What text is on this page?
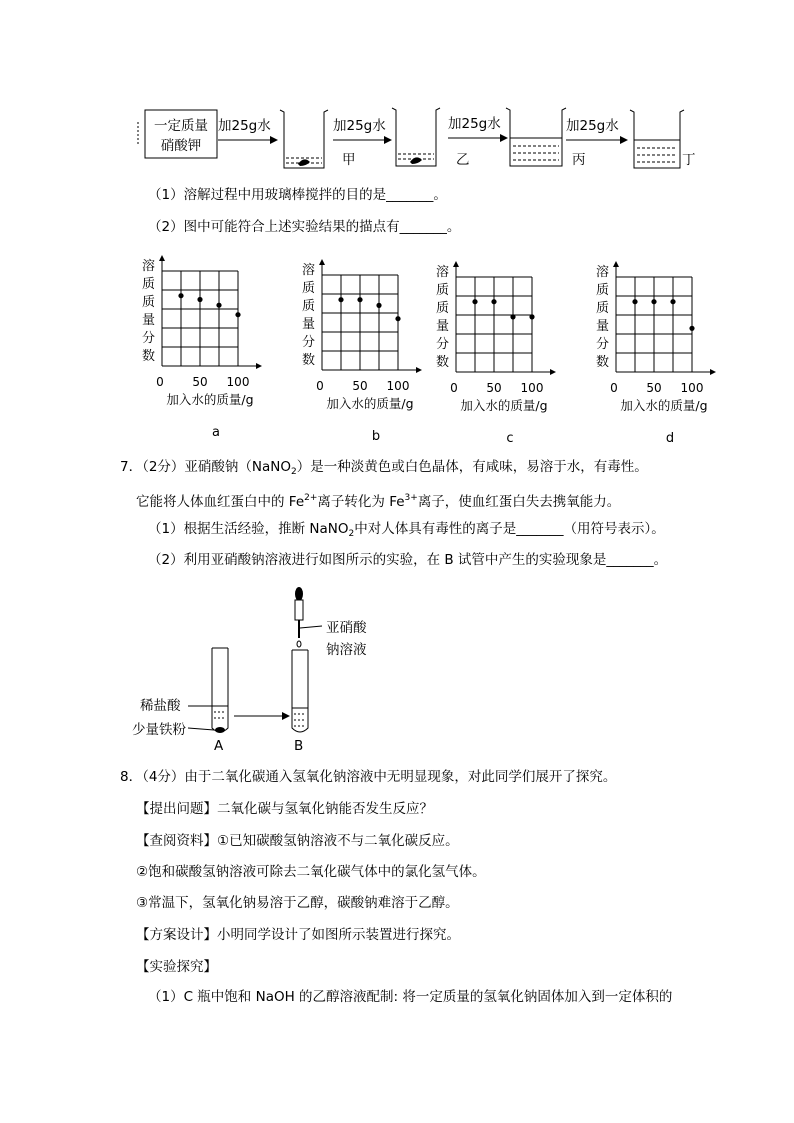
一定质量
硝酸钾
加25g水
甲
加25g水
乙
加25g水
丙
加25g水
丁
（1）溶解过程中用玻璃棒搅拌的目的是_______。
（2）图中可能符合上述实验结果的描点有_______。
溶
质
质
量
分
数
0 50 100
加入水的质量/g
a
溶
质
质
量
分
数
0 50 100
加入水的质量/g
b
溶
质
质
量
分
数
0 50 100
加入水的质量/g
c
溶
质
质
量
分
数
0 50 100
加入水的质量/g
d
7．（2分）亚硝酸钠（NaNO$_2$）是一种淡黄色或白色晶体，有咸味，易溶于水，有毒性。
它能将人体血红蛋白中的 $Fe^{2+}$离子转化为 $Fe^{3+}$离子，使血红蛋白失去携氧能力。
（1）根据生活经验，推断 NaNO$_2$中对人体具有毒性的离子是_______（用符号表示）。
（2）利用亚硝酸钠溶液进行如图所示的实验，在 B 试管中产生的实验现象是_______。
亚硝酸
钠溶液
稀盐酸
少量铁粉
A	B
8．（4分）由于二氧化碳通入氢氧化钠溶液中无明显现象，对此同学们展开了探究。
【提出问题】二氧化碳与氢氧化钠能否发生反应？
【查阅资料】①已知碳酸氢钠溶液不与二氧化碳反应。
②饱和碳酸氢钠溶液可除去二氧化碳气体中的氯化氢气体。
③常温下，氢氧化钠易溶于乙醇，碳酸钠难溶于乙醇。
【方案设计】小明同学设计了如图所示装置进行探究。
【实验探究】
（1）C 瓶中饱和 NaOH 的乙醇溶液配制: 将一定质量的氢氧化钠固体加入到一定体积的
